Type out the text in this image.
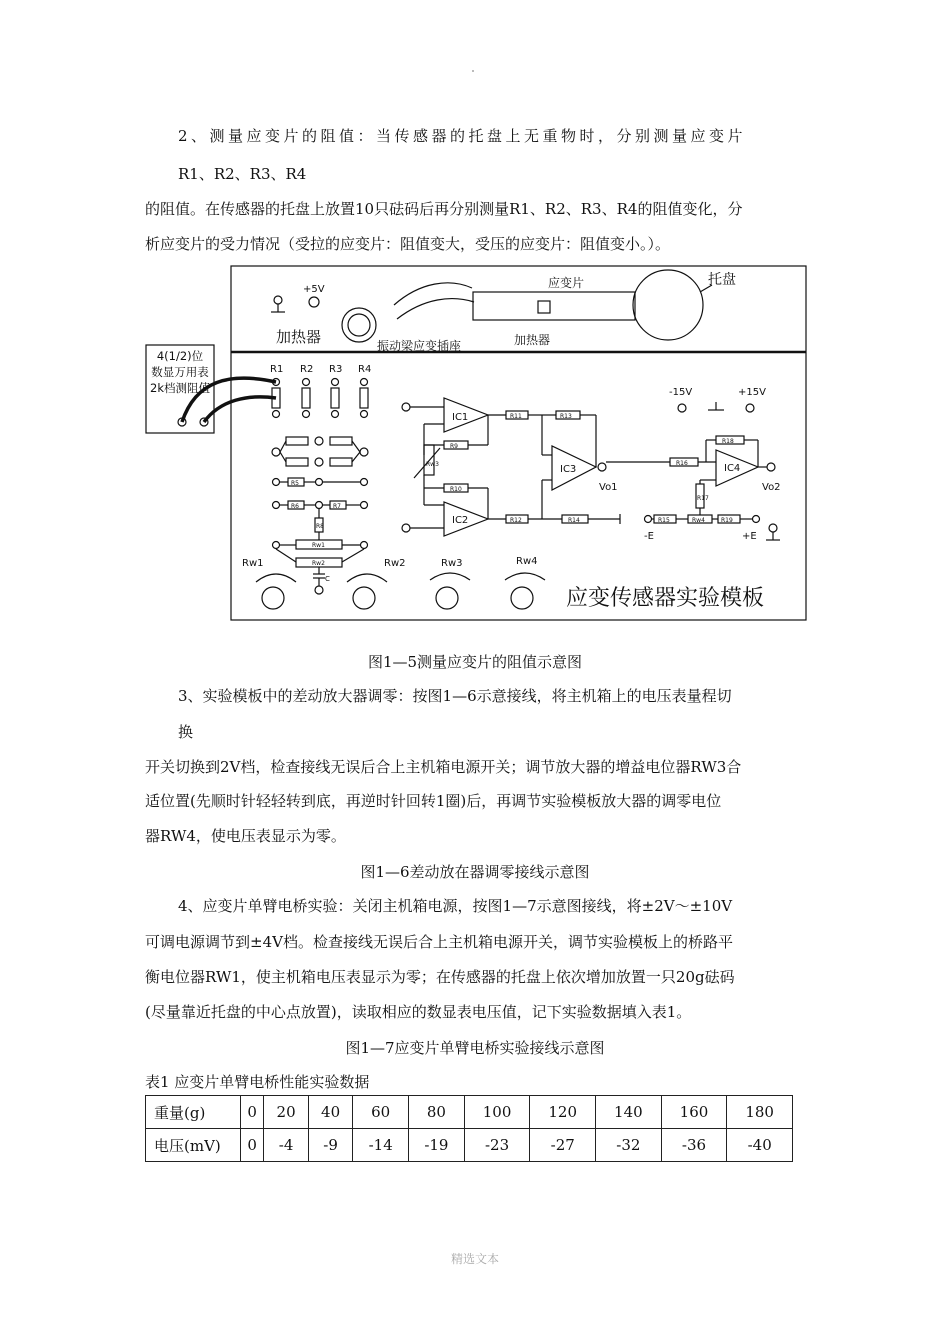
2、测量应变片的阻值：当传感器的托盘上无重物时，分别测量应变片
R1、R2、R3、R4
的阻值。在传感器的托盘上放置10只砝码后再分别测量R1、R2、R3、R4的阻值变化，分
析应变片的受力情况（受拉的应变片：阻值变大，受压的应变片：阻值变小。）。
+5V
加热器	振动梁应变插座
应变片
加热器
托盘
4(1/2)位
数显万用表
2k档测阻值
R1 R2 R3 R4
R5
R6	R7
R8
Rw1
Rw2
C
Rw1	Rw2	Rw3	Rw4
IC1
IC2
IC3	IC4
R9
R10
R11
R12
R13
R14	R15
R16
R17
R18
R19
Rw3
Rw4
Vo1	Vo2
-15V	+15V
-E	+E
应变传感器实验模板
图1—5测量应变片的阻值示意图
3、实验模板中的差动放大器调零：按图1—6示意接线，将主机箱上的电压表量程切
换
开关切换到2V档，检查接线无误后合上主机箱电源开关；调节放大器的增益电位器RW3合
适位置(先顺时针轻轻转到底，再逆时针回转1圈)后，再调节实验模板放大器的调零电位
器RW4，使电压表显示为零。
图1—6差动放在器调零接线示意图
4、应变片单臂电桥实验：关闭主机箱电源，按图1—7示意图接线，将±2V～±10V
可调电源调节到±4V档。检查接线无误后合上主机箱电源开关，调节实验模板上的桥路平
衡电位器RW1，使主机箱电压表显示为零；在传感器的托盘上依次增加放置一只20g砝码
(尽量靠近托盘的中心点放置)，读取相应的数显表电压值，记下实验数据填入表1。
图1—7应变片单臂电桥实验接线示意图
表1 应变片单臂电桥性能实验数据
重量(g)	0	20	40	60	80	100	120	140	160	180
电压(mV)	0	-4	-9	-14	-19	-23	-27	-32	-36	-40
精选文本
